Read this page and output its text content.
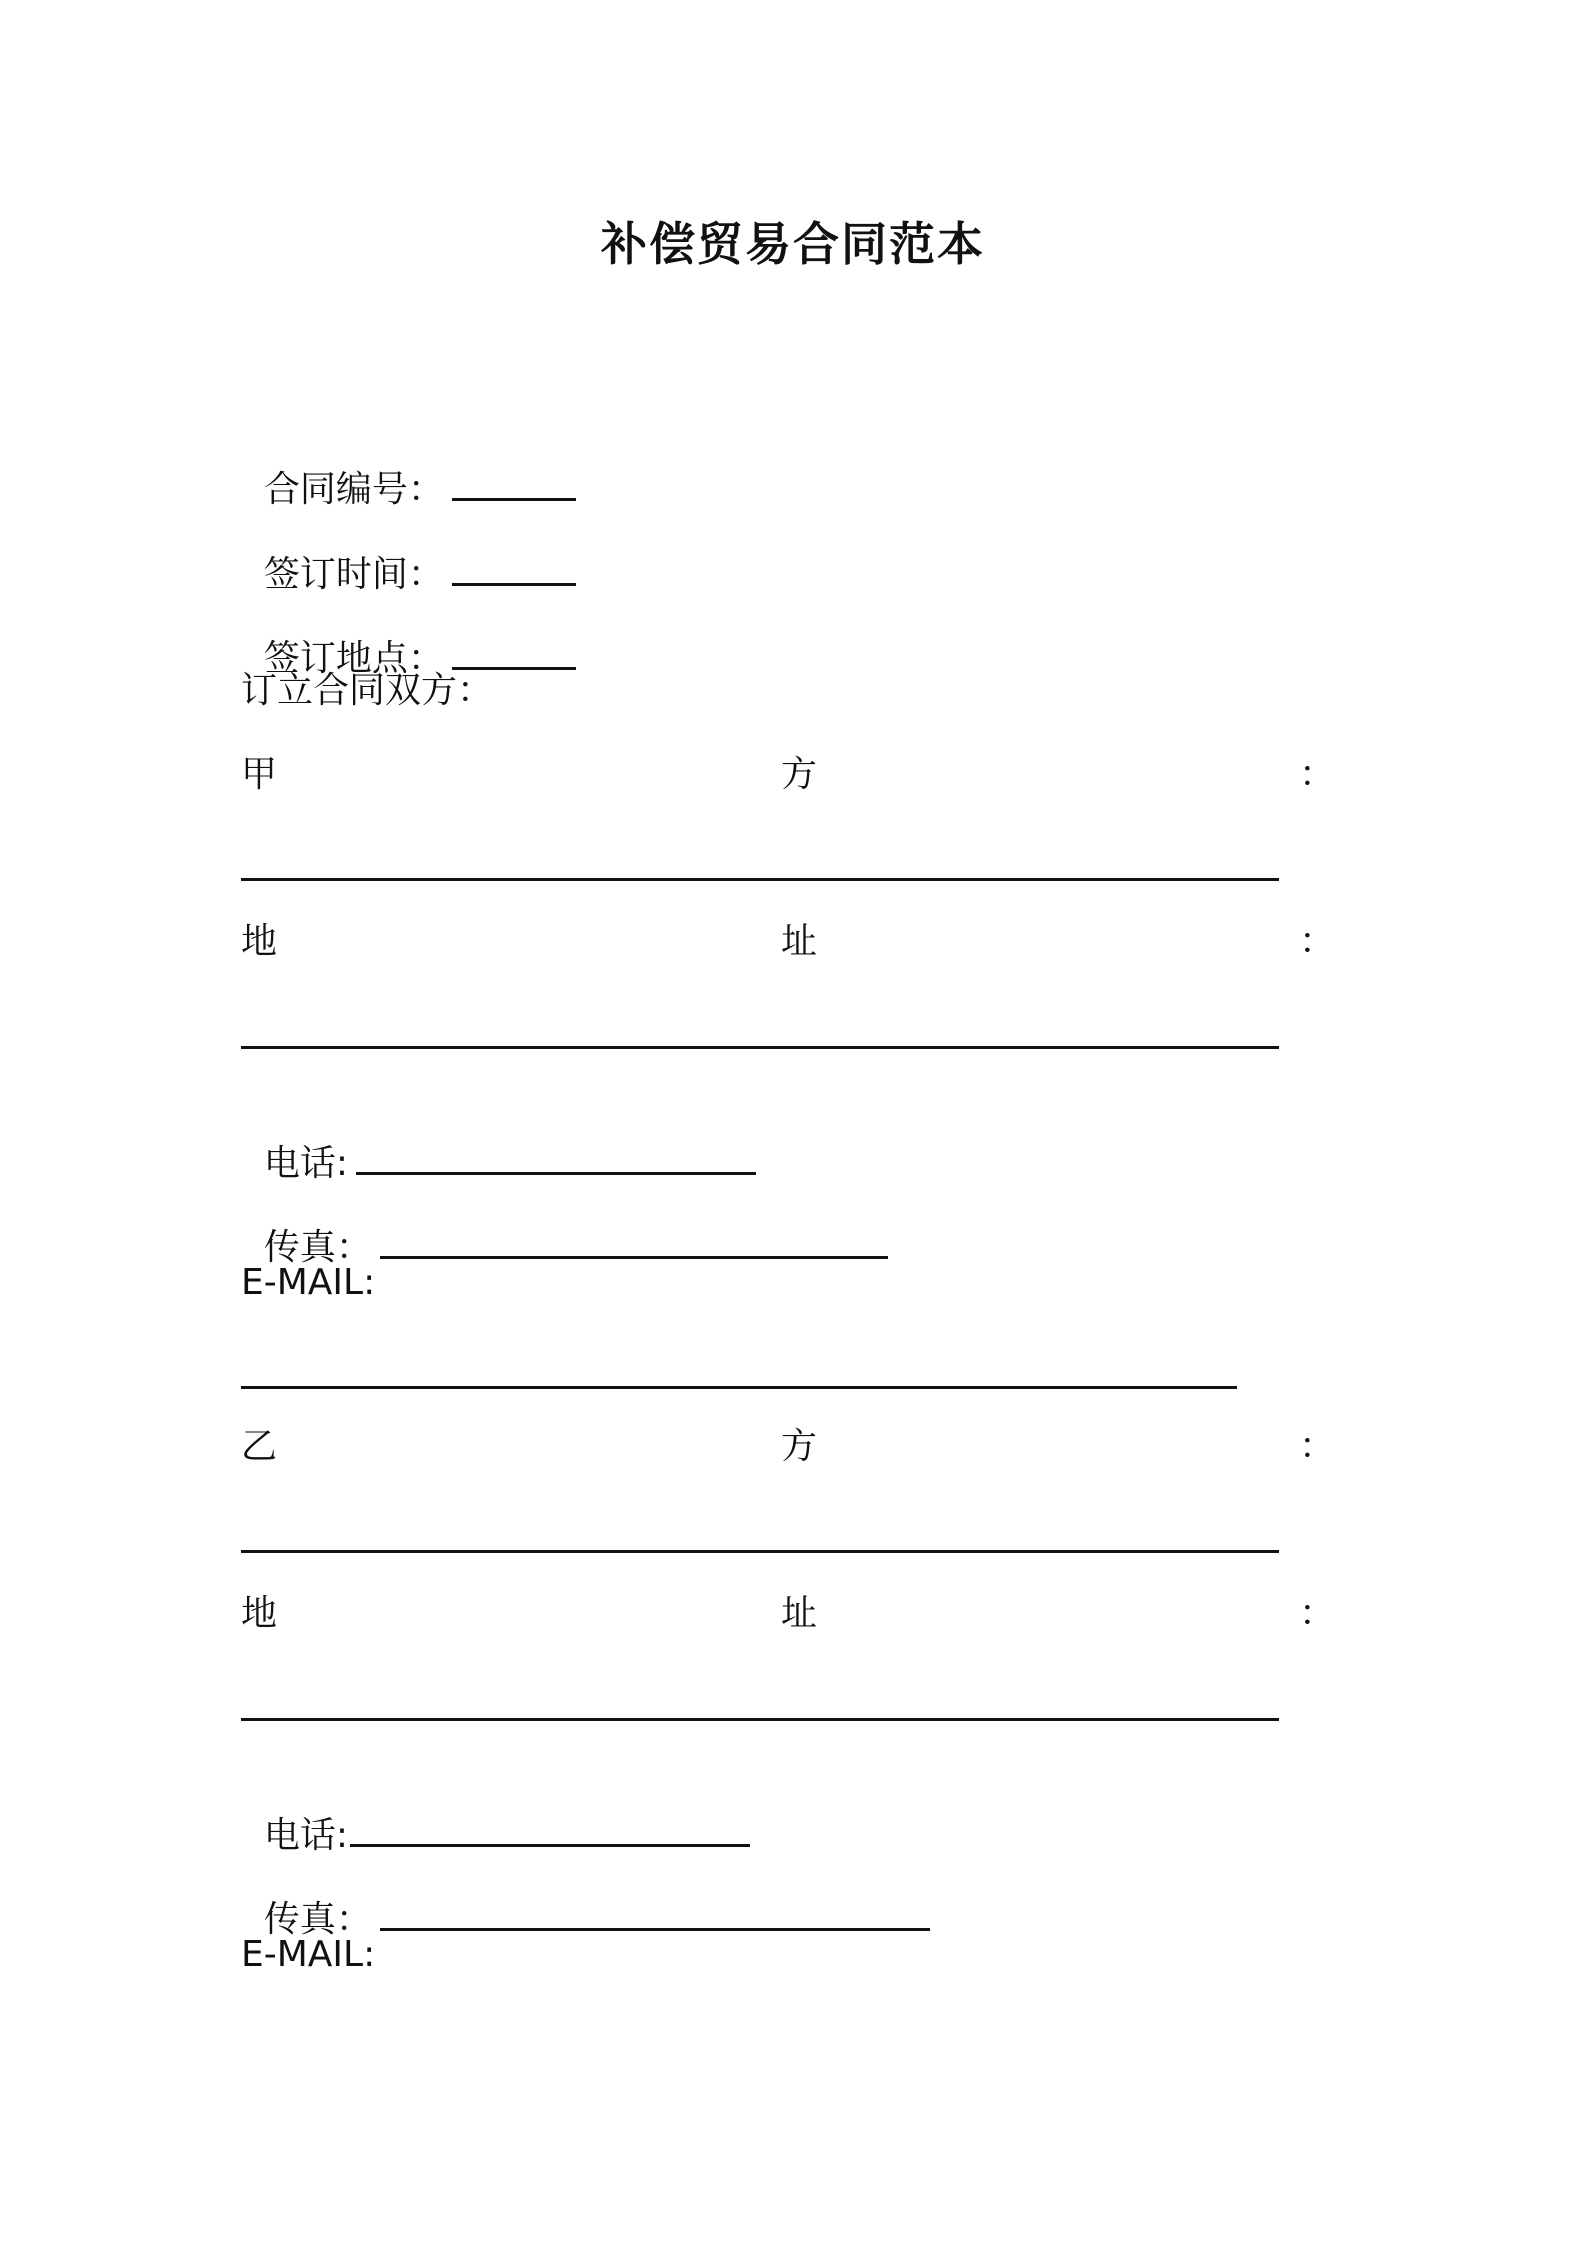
补偿贸易合同范本

合同编号：

签订时间：

签订地点：

订立合同双方：
甲	方	：
地	址	：

电话:

传真：

E-MAIL:
乙	方	：
地	址	：

电话:

传真：

E-MAIL:
